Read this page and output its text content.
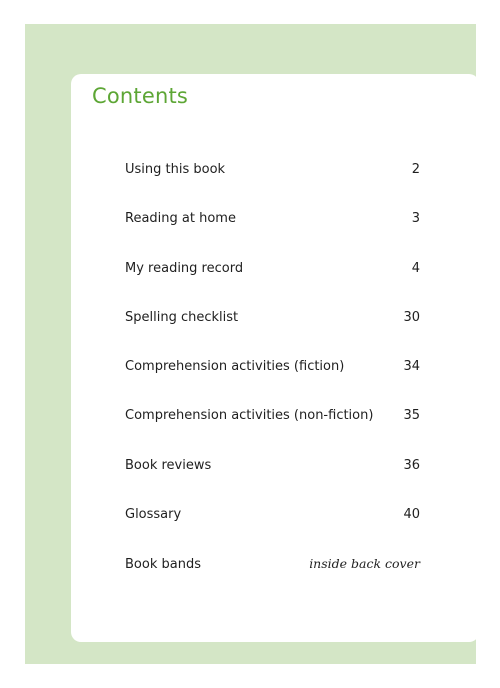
Contents
Using this book	2
Reading at home	3
My reading record	4
Spelling checklist	30
Comprehension activities (fiction)	34
Comprehension activities (non-fiction) 35
Book reviews	36
Glossary	40
Book bands	inside back cover
